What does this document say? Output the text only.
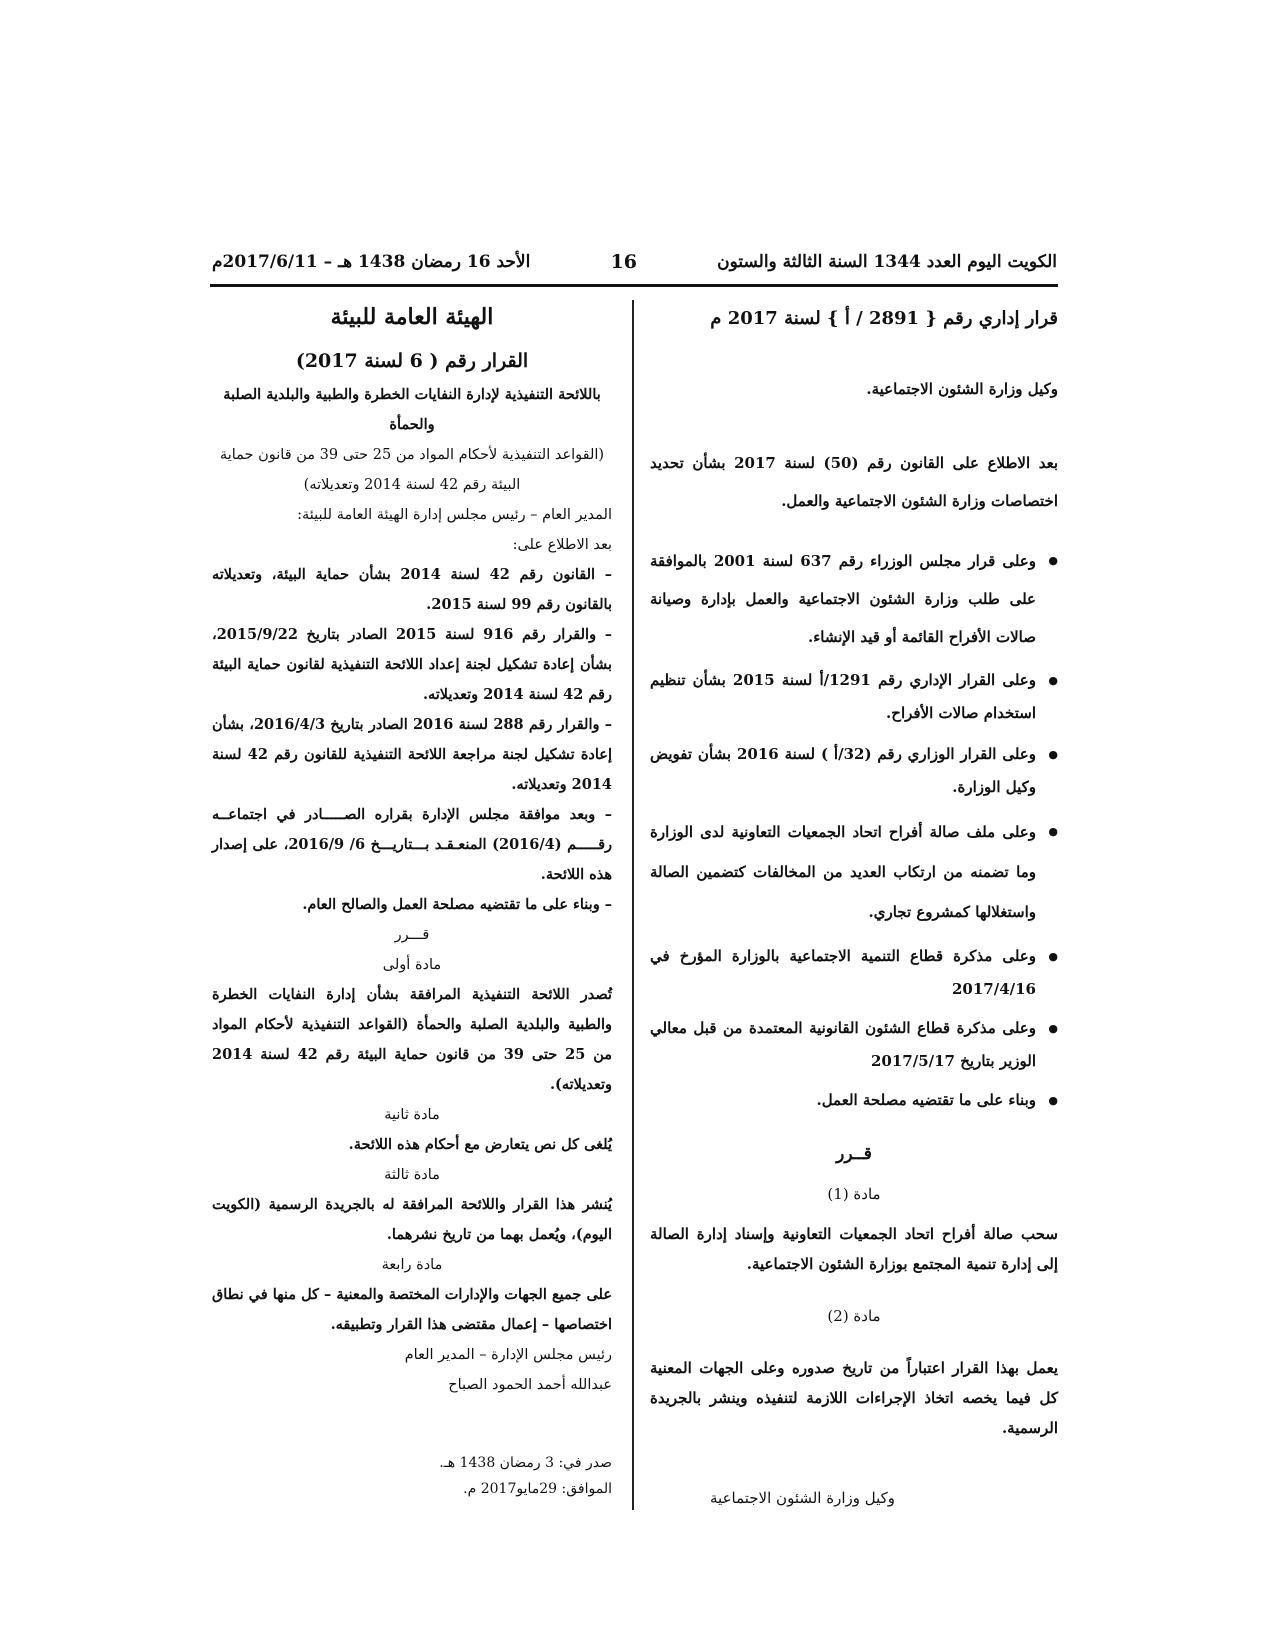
الكويت اليوم العدد 1344 السنة الثالثة والستون
16
الأحد 16 رمضان 1438 هـ – 2017/6/11م

قرار إداري رقم { 2891 / أ } لسنة 2017 م

وكيل وزارة الشئون الاجتماعية.

بعد الاطلاع على القانون رقم (50) لسنة 2017 بشأن تحديد اختصاصات وزارة الشئون الاجتماعية والعمل.

● وعلى قرار مجلس الوزراء رقم 637 لسنة 2001 بالموافقة على طلب وزارة الشئون الاجتماعية والعمل بإدارة وصيانة صالات الأفراح القائمة أو قيد الإنشاء.
● وعلى القرار الإداري رقم 1291/أ لسنة 2015 بشأن تنظيم استخدام صالات الأفراح.
● وعلى القرار الوزاري رقم (32/أ ) لسنة 2016 بشأن تفويض وكيل الوزارة.
● وعلى ملف صالة أفراح اتحاد الجمعيات التعاونية لدى الوزارة وما تضمنه من ارتكاب العديد من المخالفات كتضمين الصالة واستغلالها كمشروع تجاري.
● وعلى مذكرة قطاع التنمية الاجتماعية بالوزارة المؤرخ في 2017/4/16
● وعلى مذكرة قطاع الشئون القانونية المعتمدة من قبل معالي الوزير بتاريخ 2017/5/17
● وبناء على ما تقتضيه مصلحة العمل.

قــرر

مادة (1)

سحب صالة أفراح اتحاد الجمعيات التعاونية وإسناد إدارة الصالة إلى إدارة تنمية المجتمع بوزارة الشئون الاجتماعية.

مادة (2)

يعمل بهذا القرار اعتباراً من تاريخ صدوره وعلى الجهات المعنية كل فيما يخصه اتخاذ الإجراءات اللازمة لتنفيذه وينشر بالجريدة الرسمية.

وكيل وزارة الشئون الاجتماعية

الهيئة العامة للبيئة

القرار رقم ( 6 لسنة 2017)

باللائحة التنفيذية لإدارة النفايات الخطرة والطبية والبلدية الصلبة والحمأة

(القواعد التنفيذية لأحكام المواد من 25 حتى 39 من قانون حماية البيئة رقم 42 لسنة 2014 وتعديلاته)

المدير العام – رئيس مجلس إدارة الهيئة العامة للبيئة:

بعد الاطلاع على:

– القانون رقم 42 لسنة 2014 بشأن حماية البيئة، وتعديلاته بالقانون رقم 99 لسنة 2015.

– والقرار رقم 916 لسنة 2015 الصادر بتاريخ 2015/9/22، بشأن إعادة تشكيل لجنة إعداد اللائحة التنفيذية لقانون حماية البيئة رقم 42 لسنة 2014 وتعديلاته.

– والقرار رقم 288 لسنة 2016 الصادر بتاريخ 2016/4/3، بشأن إعادة تشكيل لجنة مراجعة اللائحة التنفيذية للقانون رقم 42 لسنة 2014 وتعديلاته.

– وبعد موافقة مجلس الإدارة بقراره الصـــــادر في اجتماعــه رقـــــم (2016/4) المنعـقـد بـــتاريـــخ 6/ 2016/9، على إصدار هذه اللائحة.

– وبناء على ما تقتضيه مصلحة العمل والصالح العام.

قـــرر

مادة أولى

تُصدر اللائحة التنفيذية المرافقة بشأن إدارة النفايات الخطرة والطبية والبلدية الصلبة والحمأة (القواعد التنفيذية لأحكام المواد من 25 حتى 39 من قانون حماية البيئة رقم 42 لسنة 2014 وتعديلاته).

مادة ثانية

يُلغى كل نص يتعارض مع أحكام هذه اللائحة.

مادة ثالثة

يُنشر هذا القرار واللائحة المرافقة له بالجريدة الرسمية (الكويت اليوم)، ويُعمل بهما من تاريخ نشرهما.

مادة رابعة

على جميع الجهات والإدارات المختصة والمعنية – كل منها في نطاق اختصاصها – إعمال مقتضى هذا القرار وتطبيقه.

رئيس مجلس الإدارة – المدير العام

عبدالله أحمد الحمود الصباح

صدر في: 3 رمضان 1438 هـ.

الموافق: 29مايو2017 م.
